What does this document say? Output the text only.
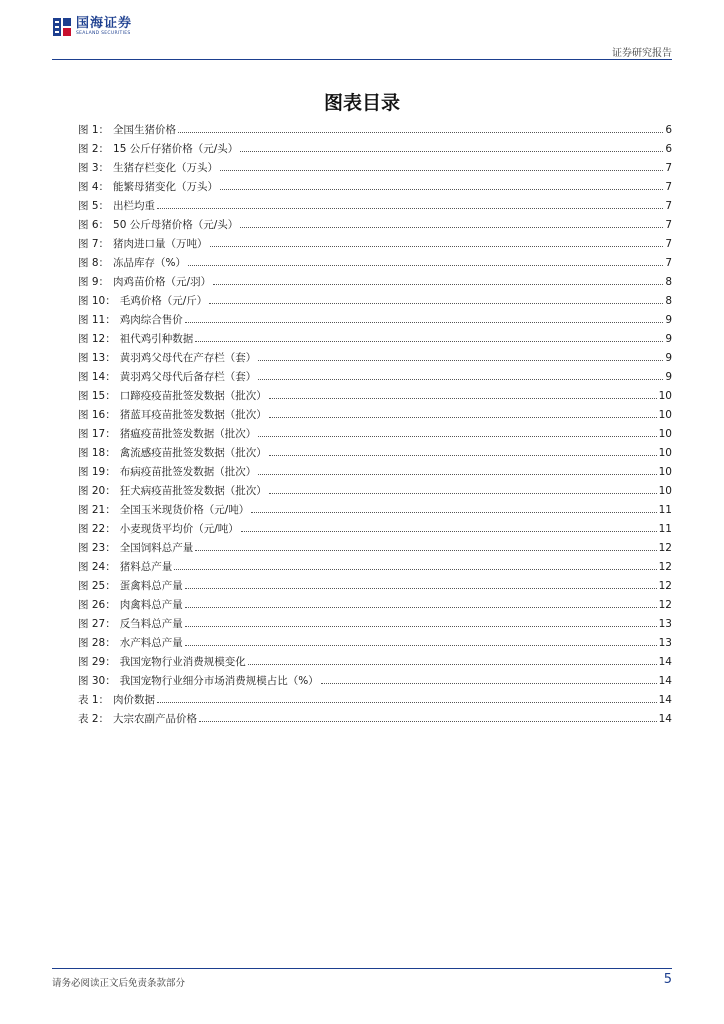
国海证券
SEALAND SECURITIES
证券研究报告
图表目录
图 1： 全国生猪价格	6
图 2： 15 公斤仔猪价格（元/头）	6
图 3： 生猪存栏变化（万头）	7
图 4： 能繁母猪变化（万头）	7
图 5： 出栏均重	7
图 6： 50 公斤母猪价格（元/头）	7
图 7： 猪肉进口量（万吨）	7
图 8： 冻品库存（%）	7
图 9： 肉鸡苗价格（元/羽）	8
图 10： 毛鸡价格（元/斤）	8
图 11： 鸡肉综合售价	9
图 12： 祖代鸡引种数据	9
图 13： 黄羽鸡父母代在产存栏（套）	9
图 14： 黄羽鸡父母代后备存栏（套）	9
图 15： 口蹄疫疫苗批签发数据（批次）	10
图 16： 猪蓝耳疫苗批签发数据（批次）	10
图 17： 猪瘟疫苗批签发数据（批次）	10
图 18： 禽流感疫苗批签发数据（批次）	10
图 19： 布病疫苗批签发数据（批次）	10
图 20： 狂犬病疫苗批签发数据（批次）	10
图 21： 全国玉米现货价格（元/吨）	11
图 22： 小麦现货平均价（元/吨）	11
图 23： 全国饲料总产量	12
图 24： 猪料总产量	12
图 25： 蛋禽料总产量	12
图 26： 肉禽料总产量	12
图 27： 反刍料总产量	13
图 28： 水产料总产量	13
图 29： 我国宠物行业消费规模变化	14
图 30： 我国宠物行业细分市场消费规模占比（%）	14
表 1： 肉价数据	14
表 2： 大宗农副产品价格	14
请务必阅读正文后免责条款部分	5
